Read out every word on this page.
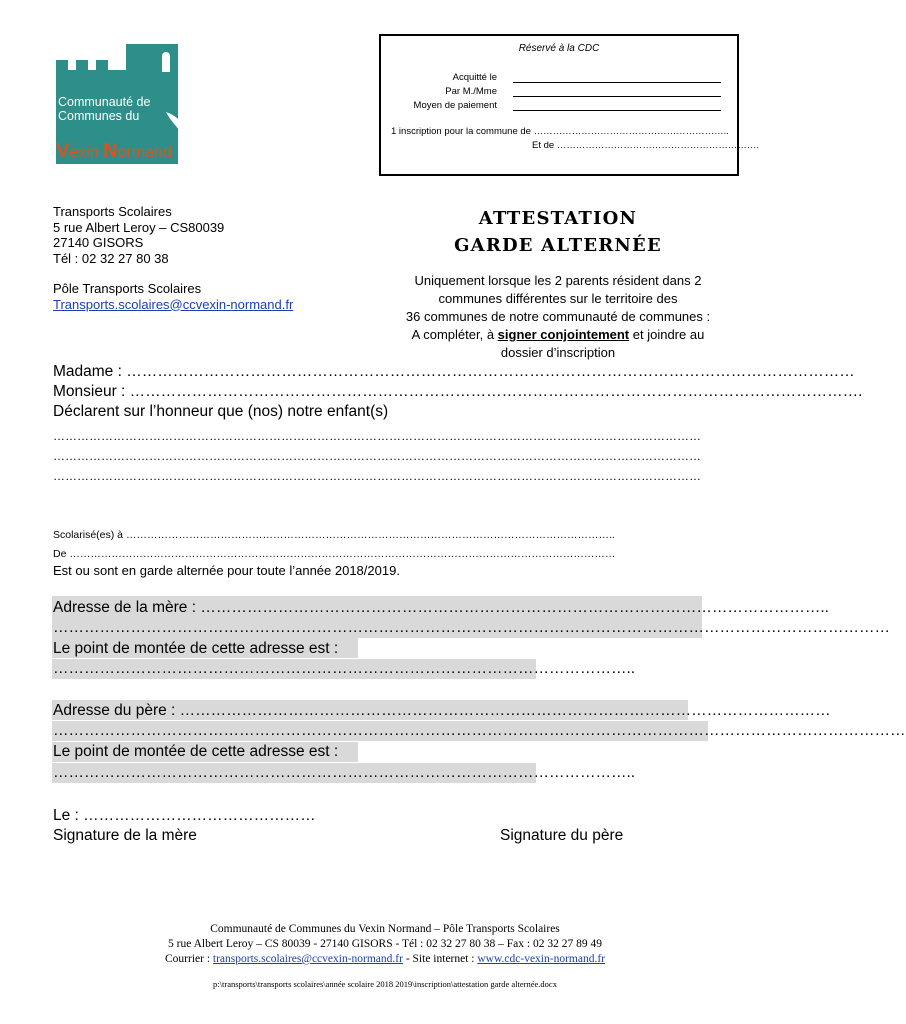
Communauté de
Communes du
Vexin Normand
Réservé à la CDC
Acquitté le
Par M./Mme
Moyen de paiement
1 inscription pour la commune de ……………………………………………………..
Et de ……………………………………………………….
Transports Scolaires
5 rue Albert Leroy – CS80039
27140 GISORS
Tél : 02 32 27 80 38
Pôle Transports Scolaires
Transports.scolaires@ccvexin-normand.fr
ATTESTATION
GARDE ALTERNÉE
Uniquement lorsque les 2 parents résident dans 2
communes différentes sur le territoire des
36 communes de notre communauté de communes :
A compléter, à signer conjointement et joindre au
dossier d’inscription
Madame : ……………………………………………………………………………………………………………………………
Monsieur : …………………………………………………………………………………………………………………………….
Déclarent sur l’honneur que (nos) notre enfant(s)
………………………………………………………………………………………………………………………………………………
………………………………………………………………………………………………………………………………………………
………………………………………………………………………………………………………………………………………………
Scolarisé(es) à …………………………………………………………………………………………………………………………..
De …………………………………………………………………………………………………………………………………………
Est ou sont en garde alternée pour toute l’année 2018/2019.
Adresse de la mère : …………………………………………………………………………………………………………..
………………………………………………………………………………………………………………………………………………
Le point de montée de cette adresse est :
…………………………………………………………………………………………………..
Adresse du père : ………………………………………………………………………………………………………………
…………………………………………………………………………………………………………………………………………………
Le point de montée de cette adresse est :
…………………………………………………………………………………………………..
Le : ………………………………………
Signature de la mère	Signature du père
Communauté de Communes du Vexin Normand – Pôle Transports Scolaires
5 rue Albert Leroy – CS 80039 - 27140 GISORS - Tél : 02 32 27 80 38 – Fax : 02 32 27 89 49
Courrier : transports.scolaires@ccvexin-normand.fr - Site internet : www.cdc-vexin-normand.fr
p:\transports\transports scolaires\année scolaire 2018 2019\inscription\attestation garde alternée.docx
